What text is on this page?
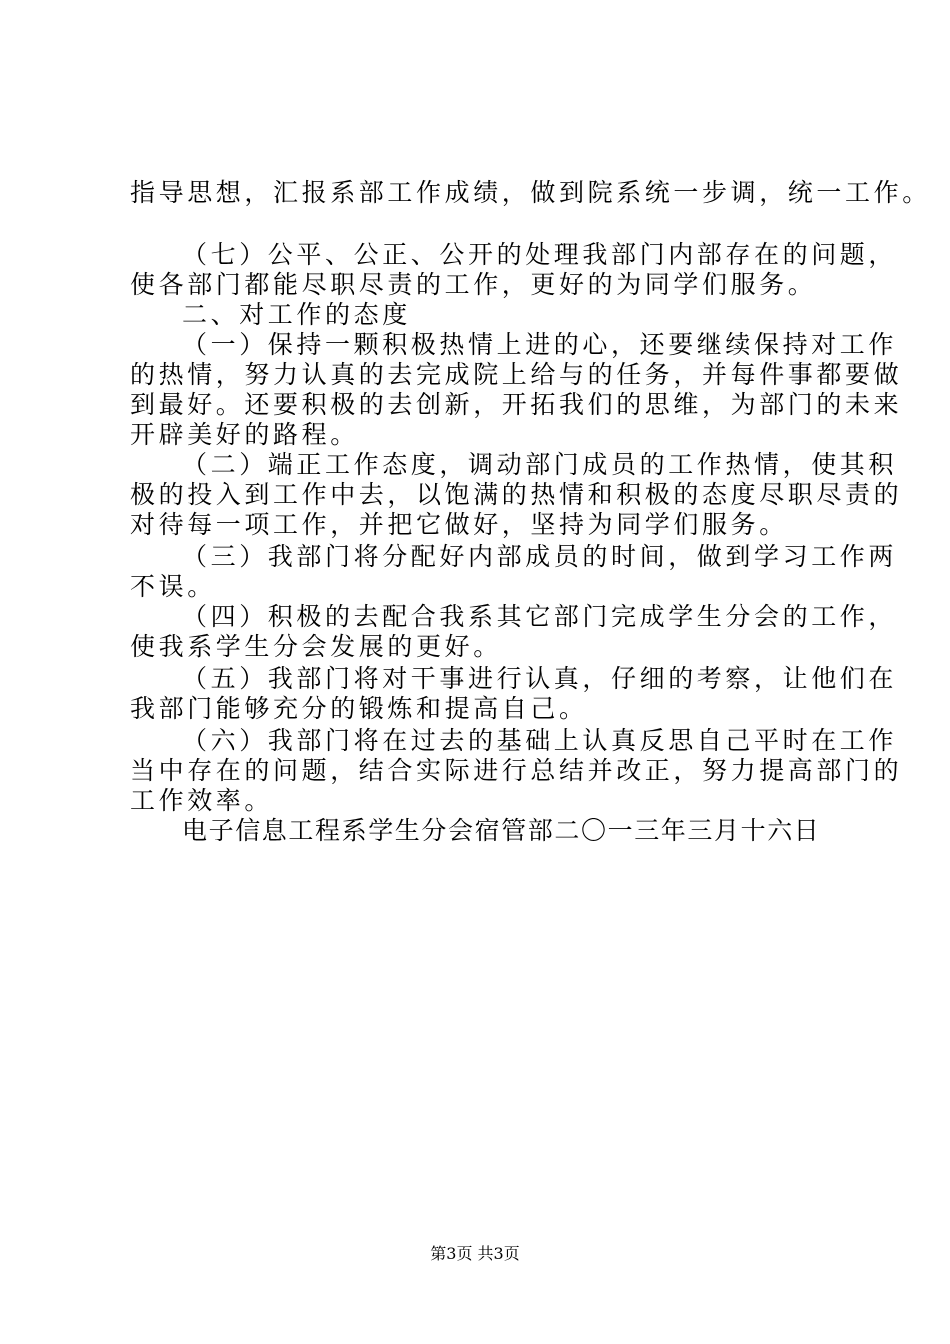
指导思想，汇报系部工作成绩，做到院系统一步调，统一工作。
（七）公平、公正、公开的处理我部门内部存在的问题，
使各部门都能尽职尽责的工作，更好的为同学们服务。
二、对工作的态度
（一）保持一颗积极热情上进的心，还要继续保持对工作
的热情，努力认真的去完成院上给与的任务，并每件事都要做
到最好。还要积极的去创新，开拓我们的思维，为部门的未来
开辟美好的路程。
（二）端正工作态度，调动部门成员的工作热情，使其积
极的投入到工作中去，以饱满的热情和积极的态度尽职尽责的
对待每一项工作，并把它做好，坚持为同学们服务。
（三）我部门将分配好内部成员的时间，做到学习工作两
不误。
（四）积极的去配合我系其它部门完成学生分会的工作，
使我系学生分会发展的更好。
（五）我部门将对干事进行认真，仔细的考察，让他们在
我部门能够充分的锻炼和提高自己。
（六）我部门将在过去的基础上认真反思自己平时在工作
当中存在的问题，结合实际进行总结并改正，努力提高部门的
工作效率。
电子信息工程系学生分会宿管部二〇一三年三月十六日
第3页 共3页
